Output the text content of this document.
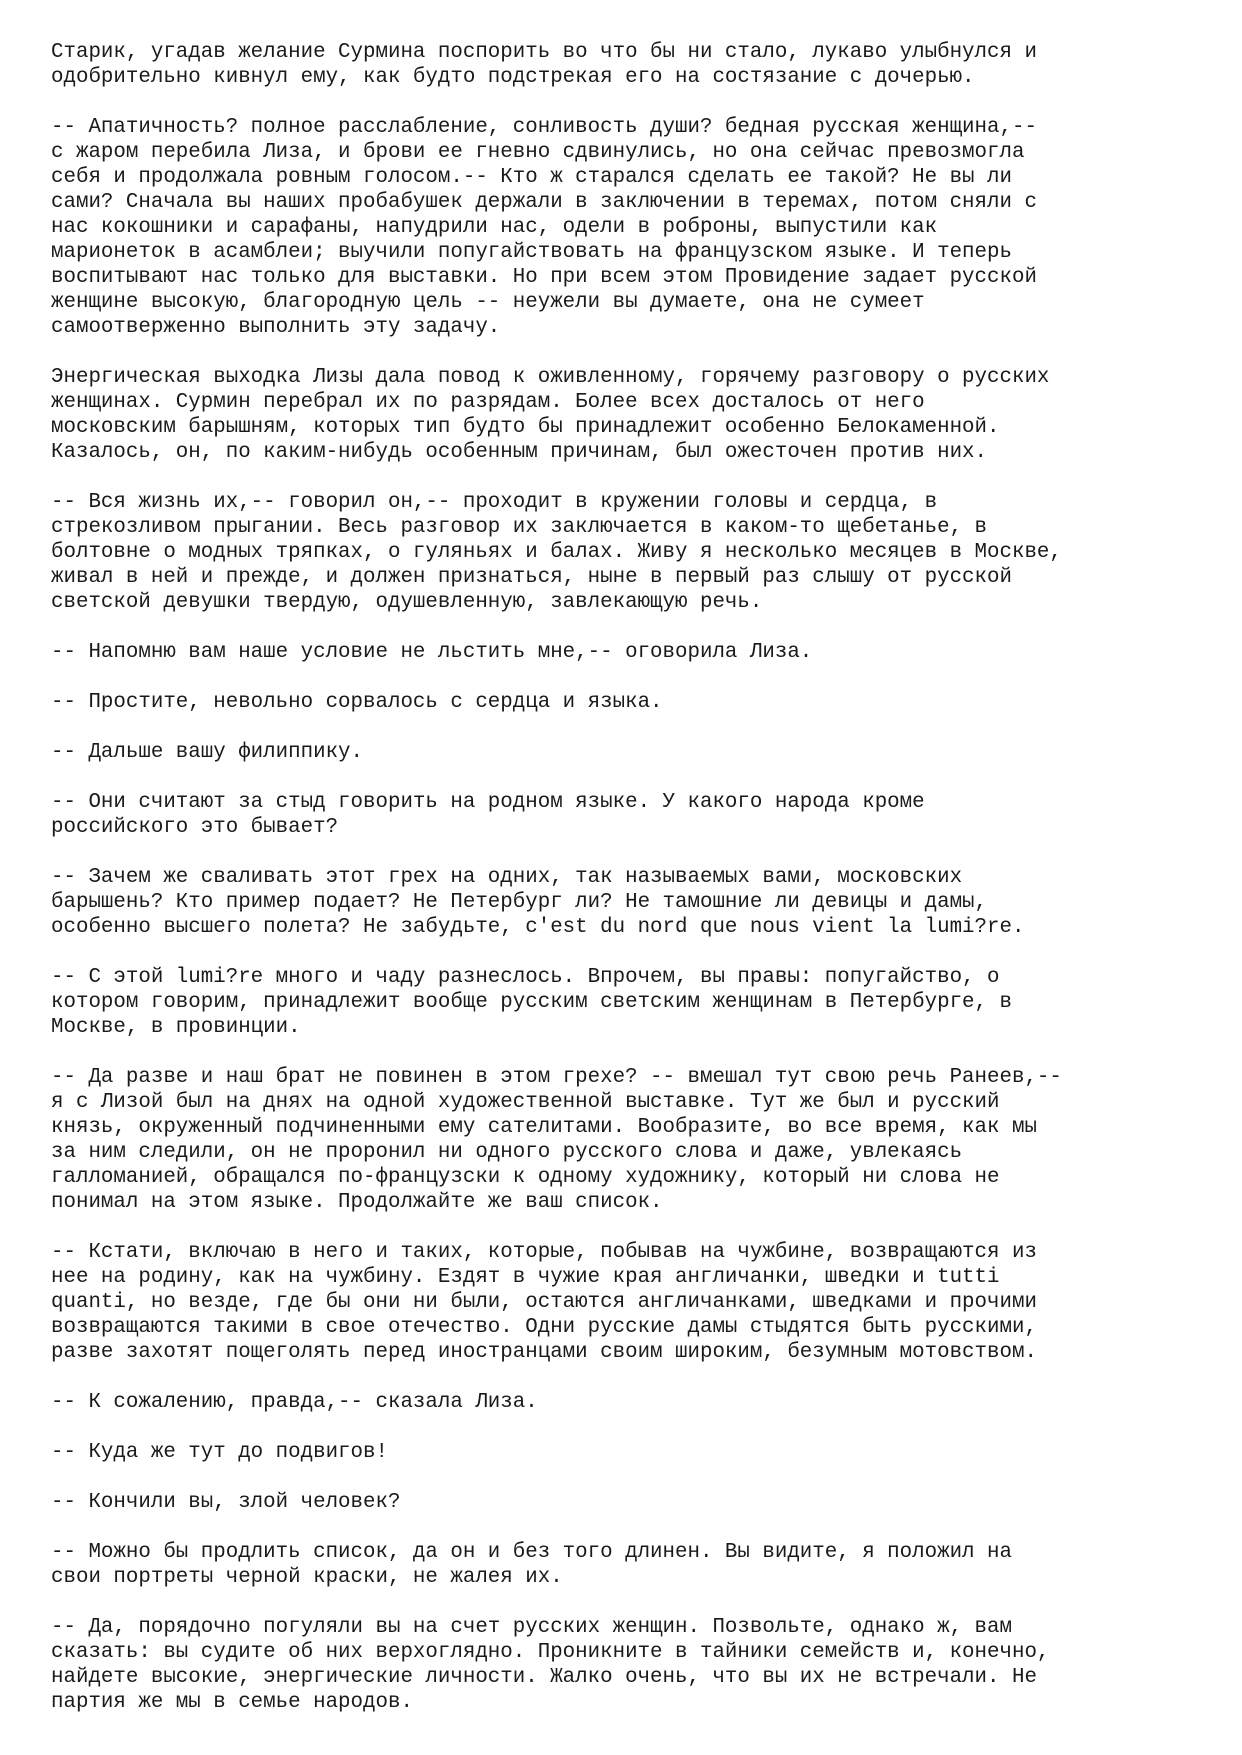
Старик, угадав желание Сурмина поспорить во что бы ни стало, лукаво улыбнулся и
одобрительно кивнул ему, как будто подстрекая его на состязание с дочерью.
-- Апатичность? полное расслабление, сонливость души? бедная русская женщина,--
с жаром перебила Лиза, и брови ее гневно сдвинулись, но она сейчас превозмогла
себя и продолжала ровным голосом.-- Кто ж старался сделать ее такой? Не вы ли
сами? Сначала вы наших пробабушек держали в заключении в теремах, потом сняли с
нас кокошники и сарафаны, напудрили нас, одели в роброны, выпустили как
марионеток в асамблеи; выучили попугайствовать на французском языке. И теперь
воспитывают нас только для выставки. Но при всем этом Провидение задает русской
женщине высокую, благородную цель -- неужели вы думаете, она не сумеет
самоотверженно выполнить эту задачу.
Энергическая выходка Лизы дала повод к оживленному, горячему разговору о русских
женщинах. Сурмин перебрал их по разрядам. Более всех досталось от него
московским барышням, которых тип будто бы принадлежит особенно Белокаменной.
Казалось, он, по каким-нибудь особенным причинам, был ожесточен против них.
-- Вся жизнь их,-- говорил он,-- проходит в кружении головы и сердца, в
стрекозливом прыгании. Весь разговор их заключается в каком-то щебетанье, в
болтовне о модных тряпках, о гуляньях и балах. Живу я несколько месяцев в Москве,
живал в ней и прежде, и должен признаться, ныне в первый раз слышу от русской
светской девушки твердую, одушевленную, завлекающую речь.
-- Напомню вам наше условие не льстить мне,-- оговорила Лиза.
-- Простите, невольно сорвалось с сердца и языка.
-- Дальше вашу филиппику.
-- Они считают за стыд говорить на родном языке. У какого народа кроме
российского это бывает?
-- Зачем же сваливать этот грех на одних, так называемых вами, московских
барышень? Кто пример подает? Не Петербург ли? Не тамошние ли девицы и дамы,
особенно высшего полета? Не забудьте, c'est du nord que nous vient la lumi?re.
-- С этой lumi?re много и чаду разнеслось. Впрочем, вы правы: попугайство, о
котором говорим, принадлежит вообще русским светским женщинам в Петербурге, в
Москве, в провинции.
-- Да разве и наш брат не повинен в этом грехе? -- вмешал тут свою речь Ранеев,--
я с Лизой был на днях на одной художественной выставке. Тут же был и русский
князь, окруженный подчиненными ему сателитами. Вообразите, во все время, как мы
за ним следили, он не проронил ни одного русского слова и даже, увлекаясь
галломанией, обращался по-французски к одному художнику, который ни слова не
понимал на этом языке. Продолжайте же ваш список.
-- Кстати, включаю в него и таких, которые, побывав на чужбине, возвращаются из
нее на родину, как на чужбину. Ездят в чужие края англичанки, шведки и tutti
quanti, но везде, где бы они ни были, остаются англичанками, шведками и прочими
возвращаются такими в свое отечество. Одни русские дамы стыдятся быть русскими,
разве захотят пощеголять перед иностранцами своим широким, безумным мотовством.
-- К сожалению, правда,-- сказала Лиза.
-- Куда же тут до подвигов!
-- Кончили вы, злой человек?
-- Можно бы продлить список, да он и без того длинен. Вы видите, я положил на
свои портреты черной краски, не жалея их.
-- Да, порядочно погуляли вы на счет русских женщин. Позвольте, однако ж, вам
сказать: вы судите об них верхоглядно. Проникните в тайники семейств и, конечно,
найдете высокие, энергические личности. Жалко очень, что вы их не встречали. Не
партия же мы в семье народов.
